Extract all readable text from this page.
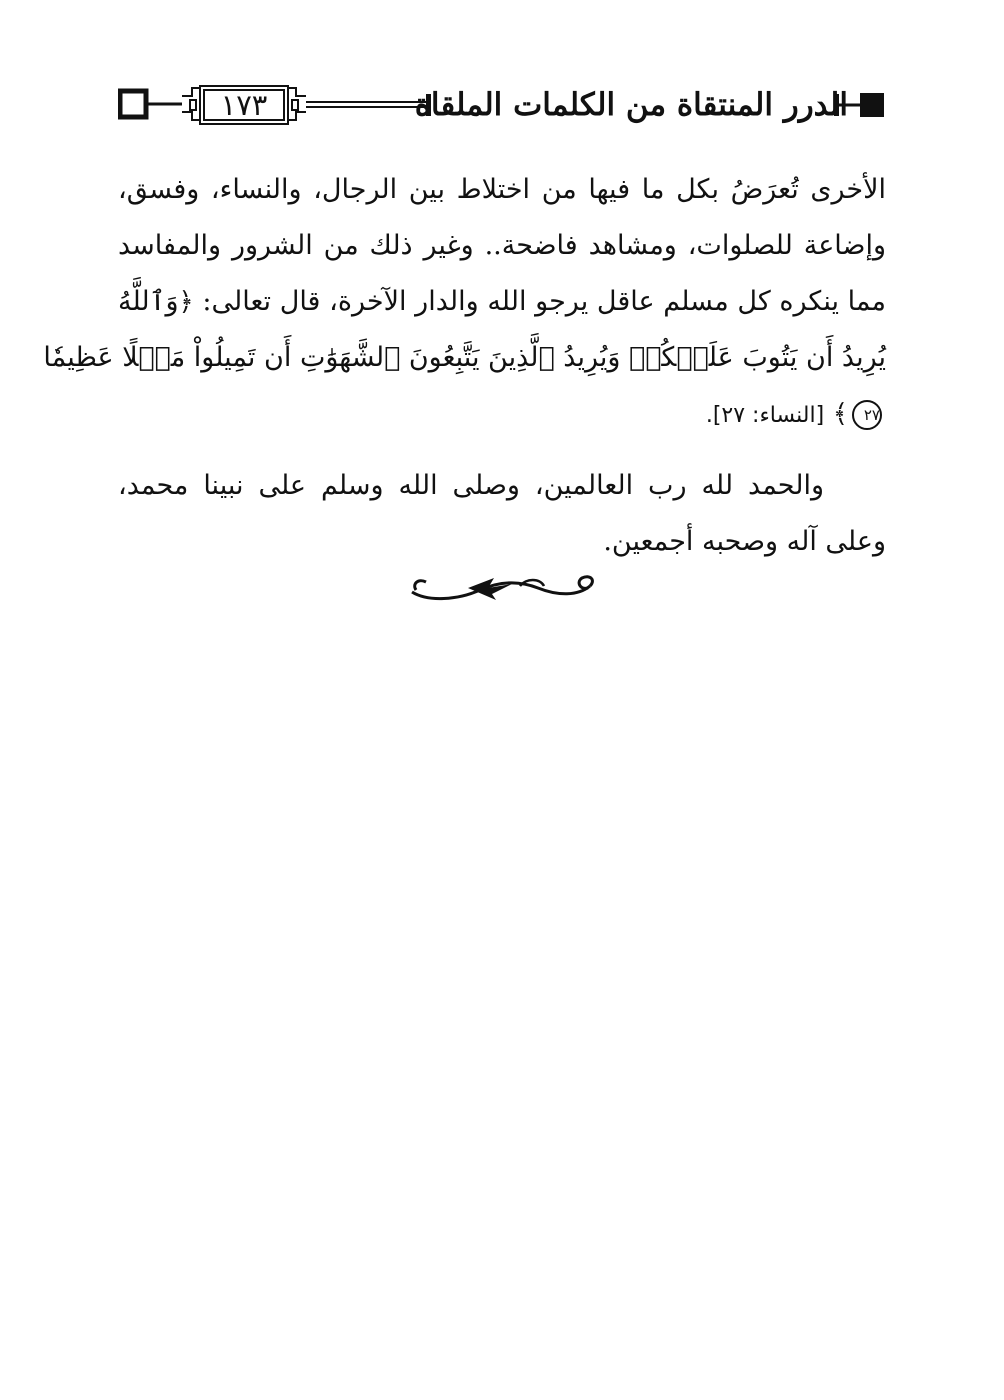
١٧٣	الدرر المنتقاة من الكلمات الملقاة

الأخرى تُعرَضُ بكل ما فيها من اختلاط بين الرجال، والنساء، وفسق،
وإضاعة للصلوات، ومشاهد فاضحة.. وغير ذلك من الشرور والمفاسد
مما ينكره كل مسلم عاقل يرجو الله والدار الآخرة، قال تعالى: ﴿وَٱللَّهُ
يُرِيدُ أَن يَتُوبَ عَلَيۡكُمۡ وَيُرِيدُ ٱلَّذِينَ يَتَّبِعُونَ ٱلشَّهَوَٰتِ أَن تَمِيلُواْ مَيۡلًا عَظِيمٗا
٢٧﴾ [النساء: ٢٧].

والحمد لله رب العالمين، وصلى الله وسلم على نبينا محمد،
وعلى آله وصحبه أجمعين.
